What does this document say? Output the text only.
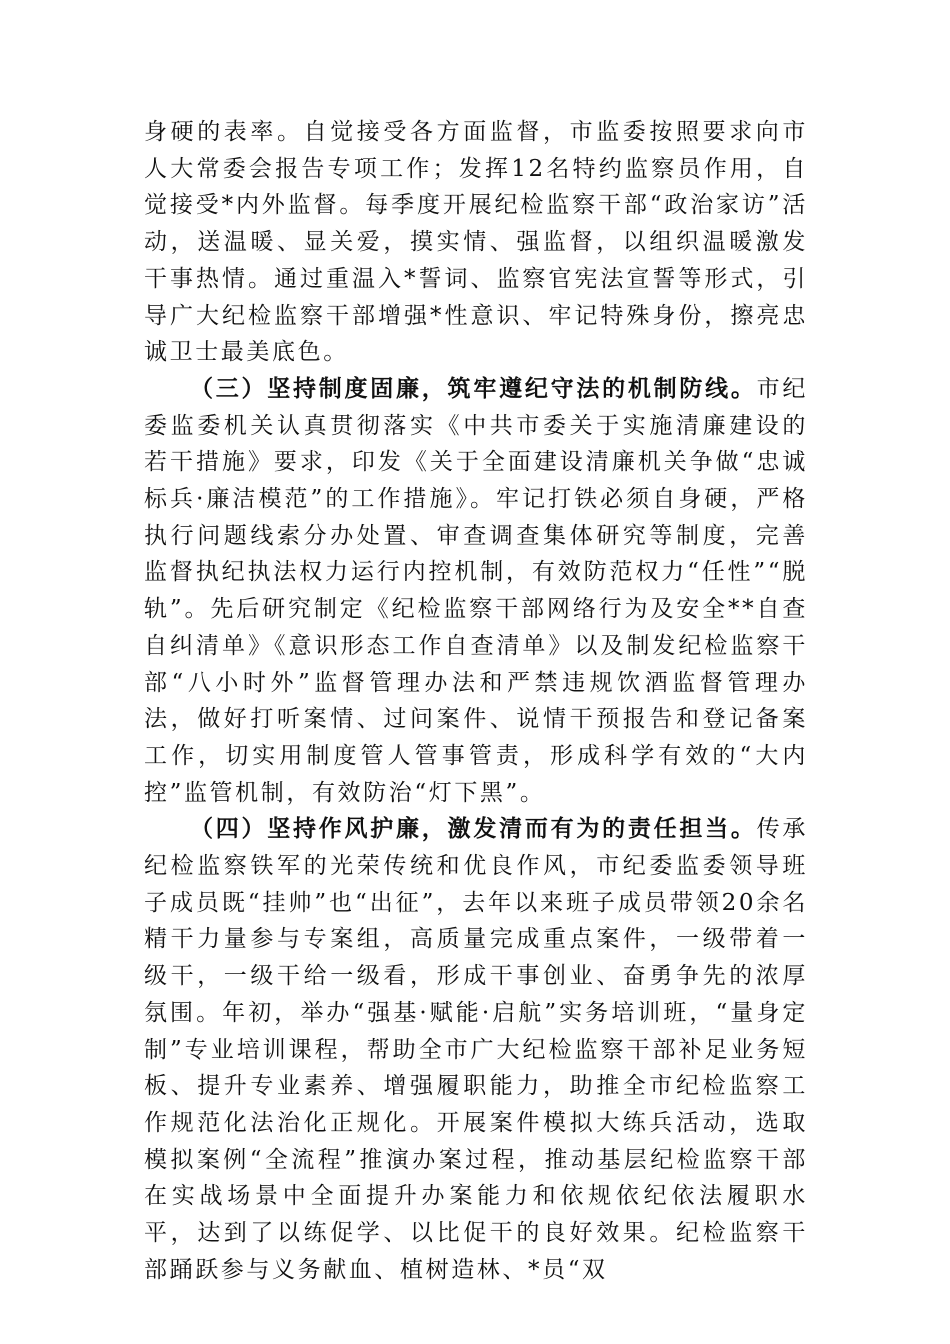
身硬的表率。自觉接受各方面监督，市监委按照要求向市人大常委会报告专项工作；发挥12名特约监察员作用，自觉接受*内外监督。每季度开展纪检监察干部“政治家访”活动，送温暖、显关爱，摸实情、强监督，以组织温暖激发干事热情。通过重温入*誓词、监察官宪法宣誓等形式，引导广大纪检监察干部增强*性意识、牢记特殊身份，擦亮忠诚卫士最美底色。

（三）坚持制度固廉，筑牢遵纪守法的机制防线。市纪委监委机关认真贯彻落实《中共市委关于实施清廉建设的若干措施》要求，印发《关于全面建设清廉机关争做“忠诚标兵·廉洁模范”的工作措施》。牢记打铁必须自身硬，严格执行问题线索分办处置、审查调查集体研究等制度，完善监督执纪执法权力运行内控机制，有效防范权力“任性”“脱轨”。先后研究制定《纪检监察干部网络行为及安全**自查自纠清单》《意识形态工作自查清单》以及制发纪检监察干部“八小时外”监督管理办法和严禁违规饮酒监督管理办法，做好打听案情、过问案件、说情干预报告和登记备案工作，切实用制度管人管事管责，形成科学有效的“大内控”监管机制，有效防治“灯下黑”。

（四）坚持作风护廉，激发清而有为的责任担当。传承纪检监察铁军的光荣传统和优良作风，市纪委监委领导班子成员既“挂帅”也“出征”，去年以来班子成员带领20余名精干力量参与专案组，高质量完成重点案件，一级带着一级干，一级干给一级看，形成干事创业、奋勇争先的浓厚氛围。年初，举办“强基·赋能·启航”实务培训班，“量身定制”专业培训课程，帮助全市广大纪检监察干部补足业务短板、提升专业素养、增强履职能力，助推全市纪检监察工作规范化法治化正规化。开展案件模拟大练兵活动，选取模拟案例“全流程”推演办案过程，推动基层纪检监察干部在实战场景中全面提升办案能力和依规依纪依法履职水平，达到了以练促学、以比促干的良好效果。纪检监察干部踊跃参与义务献血、植树造林、*员“双
